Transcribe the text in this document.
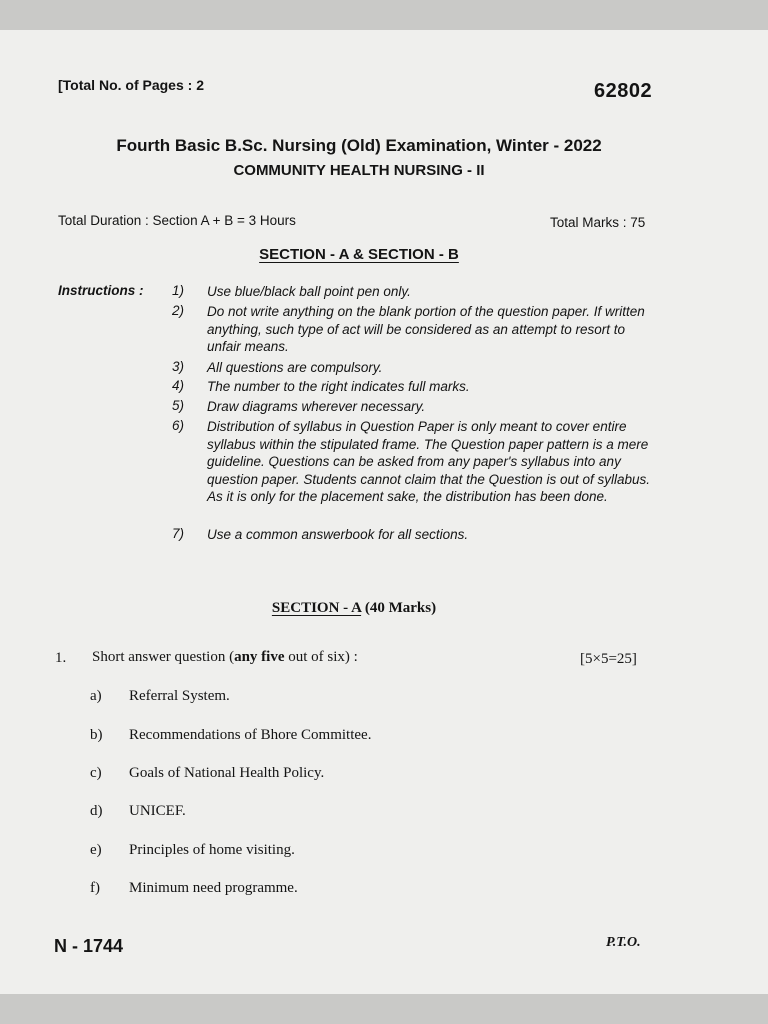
[Total No. of Pages : 2	62802
Fourth Basic B.Sc. Nursing (Old) Examination, Winter - 2022
COMMUNITY HEALTH NURSING - II
Total Duration : Section A + B = 3 Hours	Total Marks : 75
SECTION - A & SECTION - B
Instructions : 1) Use blue/black ball point pen only.
2) Do not write anything on the blank portion of the question paper. If written anything, such type of act will be considered as an attempt to resort to unfair means.
3) All questions are compulsory.
4) The number to the right indicates full marks.
5) Draw diagrams wherever necessary.
6) Distribution of syllabus in Question Paper is only meant to cover entire syllabus within the stipulated frame. The Question paper pattern is a mere guideline. Questions can be asked from any paper's syllabus into any question paper. Students cannot claim that the Question is out of syllabus. As it is only for the placement sake, the distribution has been done.
7) Use a common answerbook for all sections.
SECTION - A (40 Marks)
1. Short answer question (any five out of six) :	[5×5=25]
a) Referral System.
b) Recommendations of Bhore Committee.
c) Goals of National Health Policy.
d) UNICEF.
e) Principles of home visiting.
f) Minimum need programme.
N - 1744	P.T.O.
